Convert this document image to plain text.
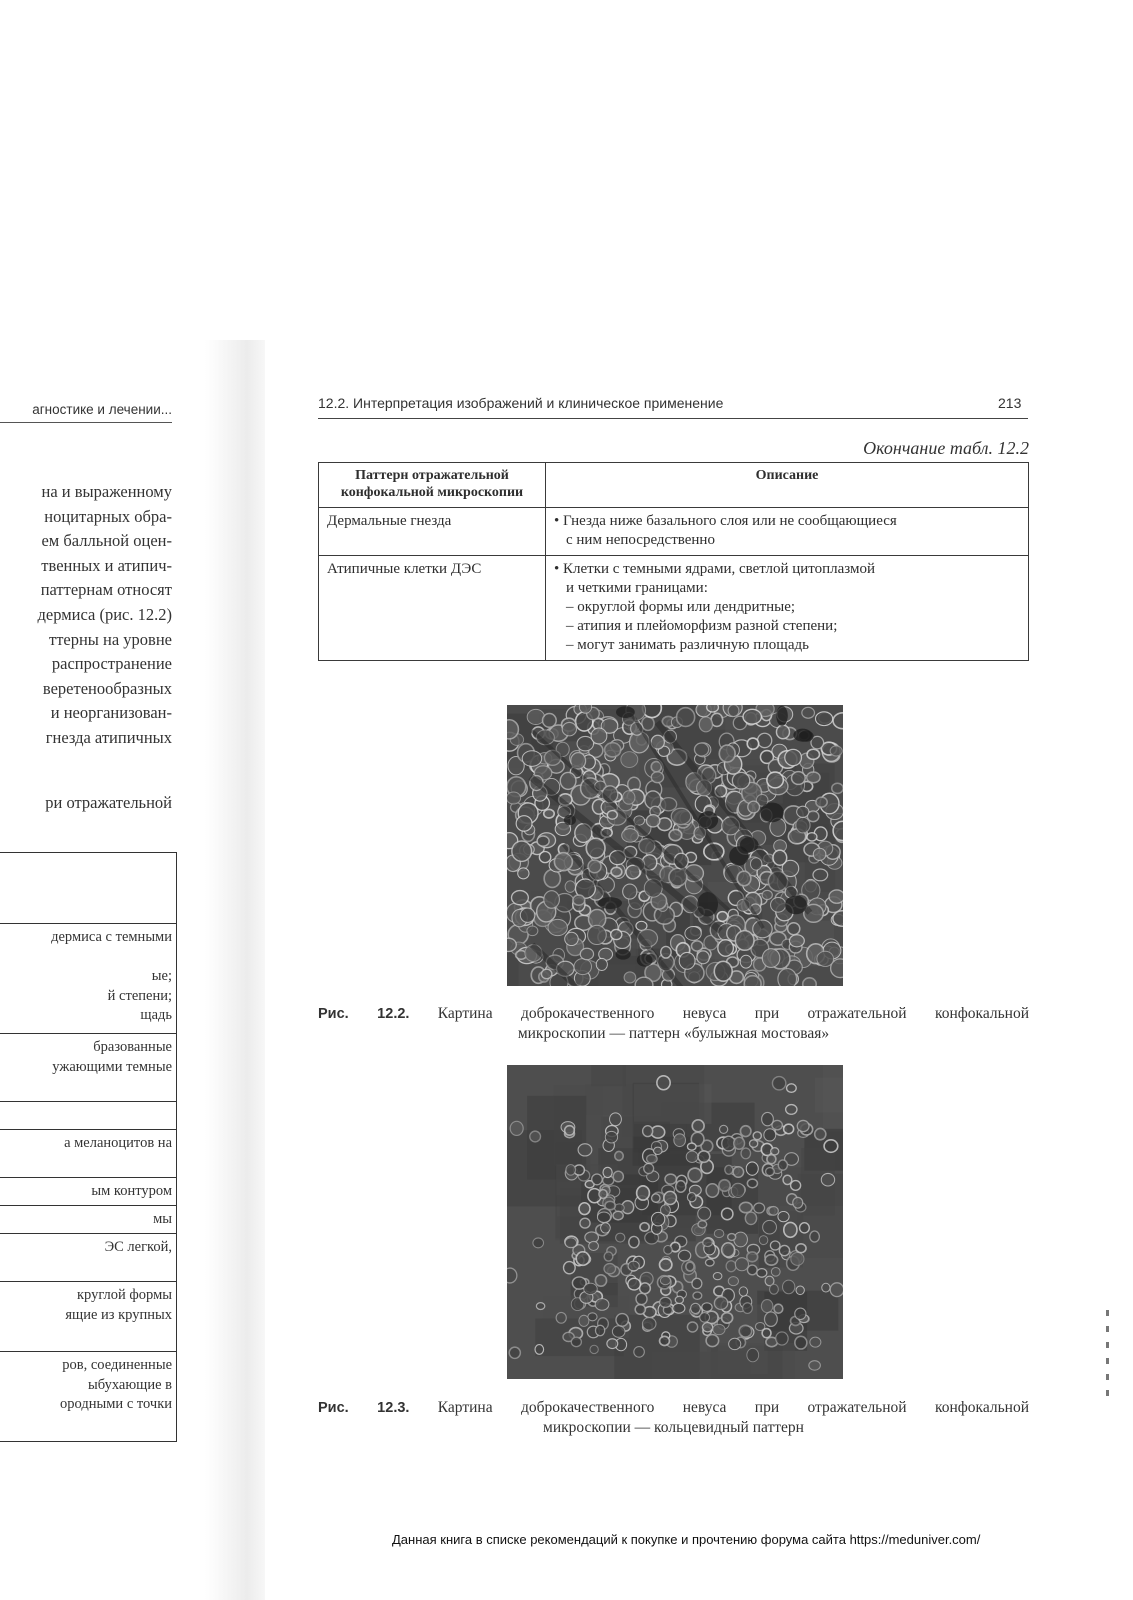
агностике и лечении...
на и выраженному
ноцитарных обра-
ем балльной оцен-
твенных и атипич-
паттернам относят
дермиса (рис. 12.2)
ттерны на уровне
распространение
веретенообразных
и неорганизован-
гнезда атипичных
ри отражательной
дермиса с темными

ые;
й степени;
щадь
бразованные
ужающими темные
а меланоцитов на
ым контуром
мы
ЭС легкой,
круглой формы
ящие из крупных
ров, соединенные
ыбухающие в
ородными с точки
12.2. Интерпретация изображений и клиническое применение	213
Окончание табл. 12.2
Паттерн отражательной конфокальной микроскопии	Описание
Дермальные гнезда	• Гнезда ниже базального слоя или не сообщающиеся
с ним непосредственно

Атипичные клетки ДЭС	• Клетки с темными ядрами, светлой цитоплазмой
и четкими границами:
– округлой формы или дендритные;
– атипия и плейоморфизм разной степени;
– могут занимать различную площадь
Рис. 12.2. Картина доброкачественного невуса при отражательной конфокальной
микроскопии — паттерн «булыжная мостовая»
Рис. 12.3. Картина доброкачественного невуса при отражательной конфокальной
микроскопии — кольцевидный паттерн
Данная книга в списке рекомендаций к покупке и прочтению форума сайта https://meduniver.com/
